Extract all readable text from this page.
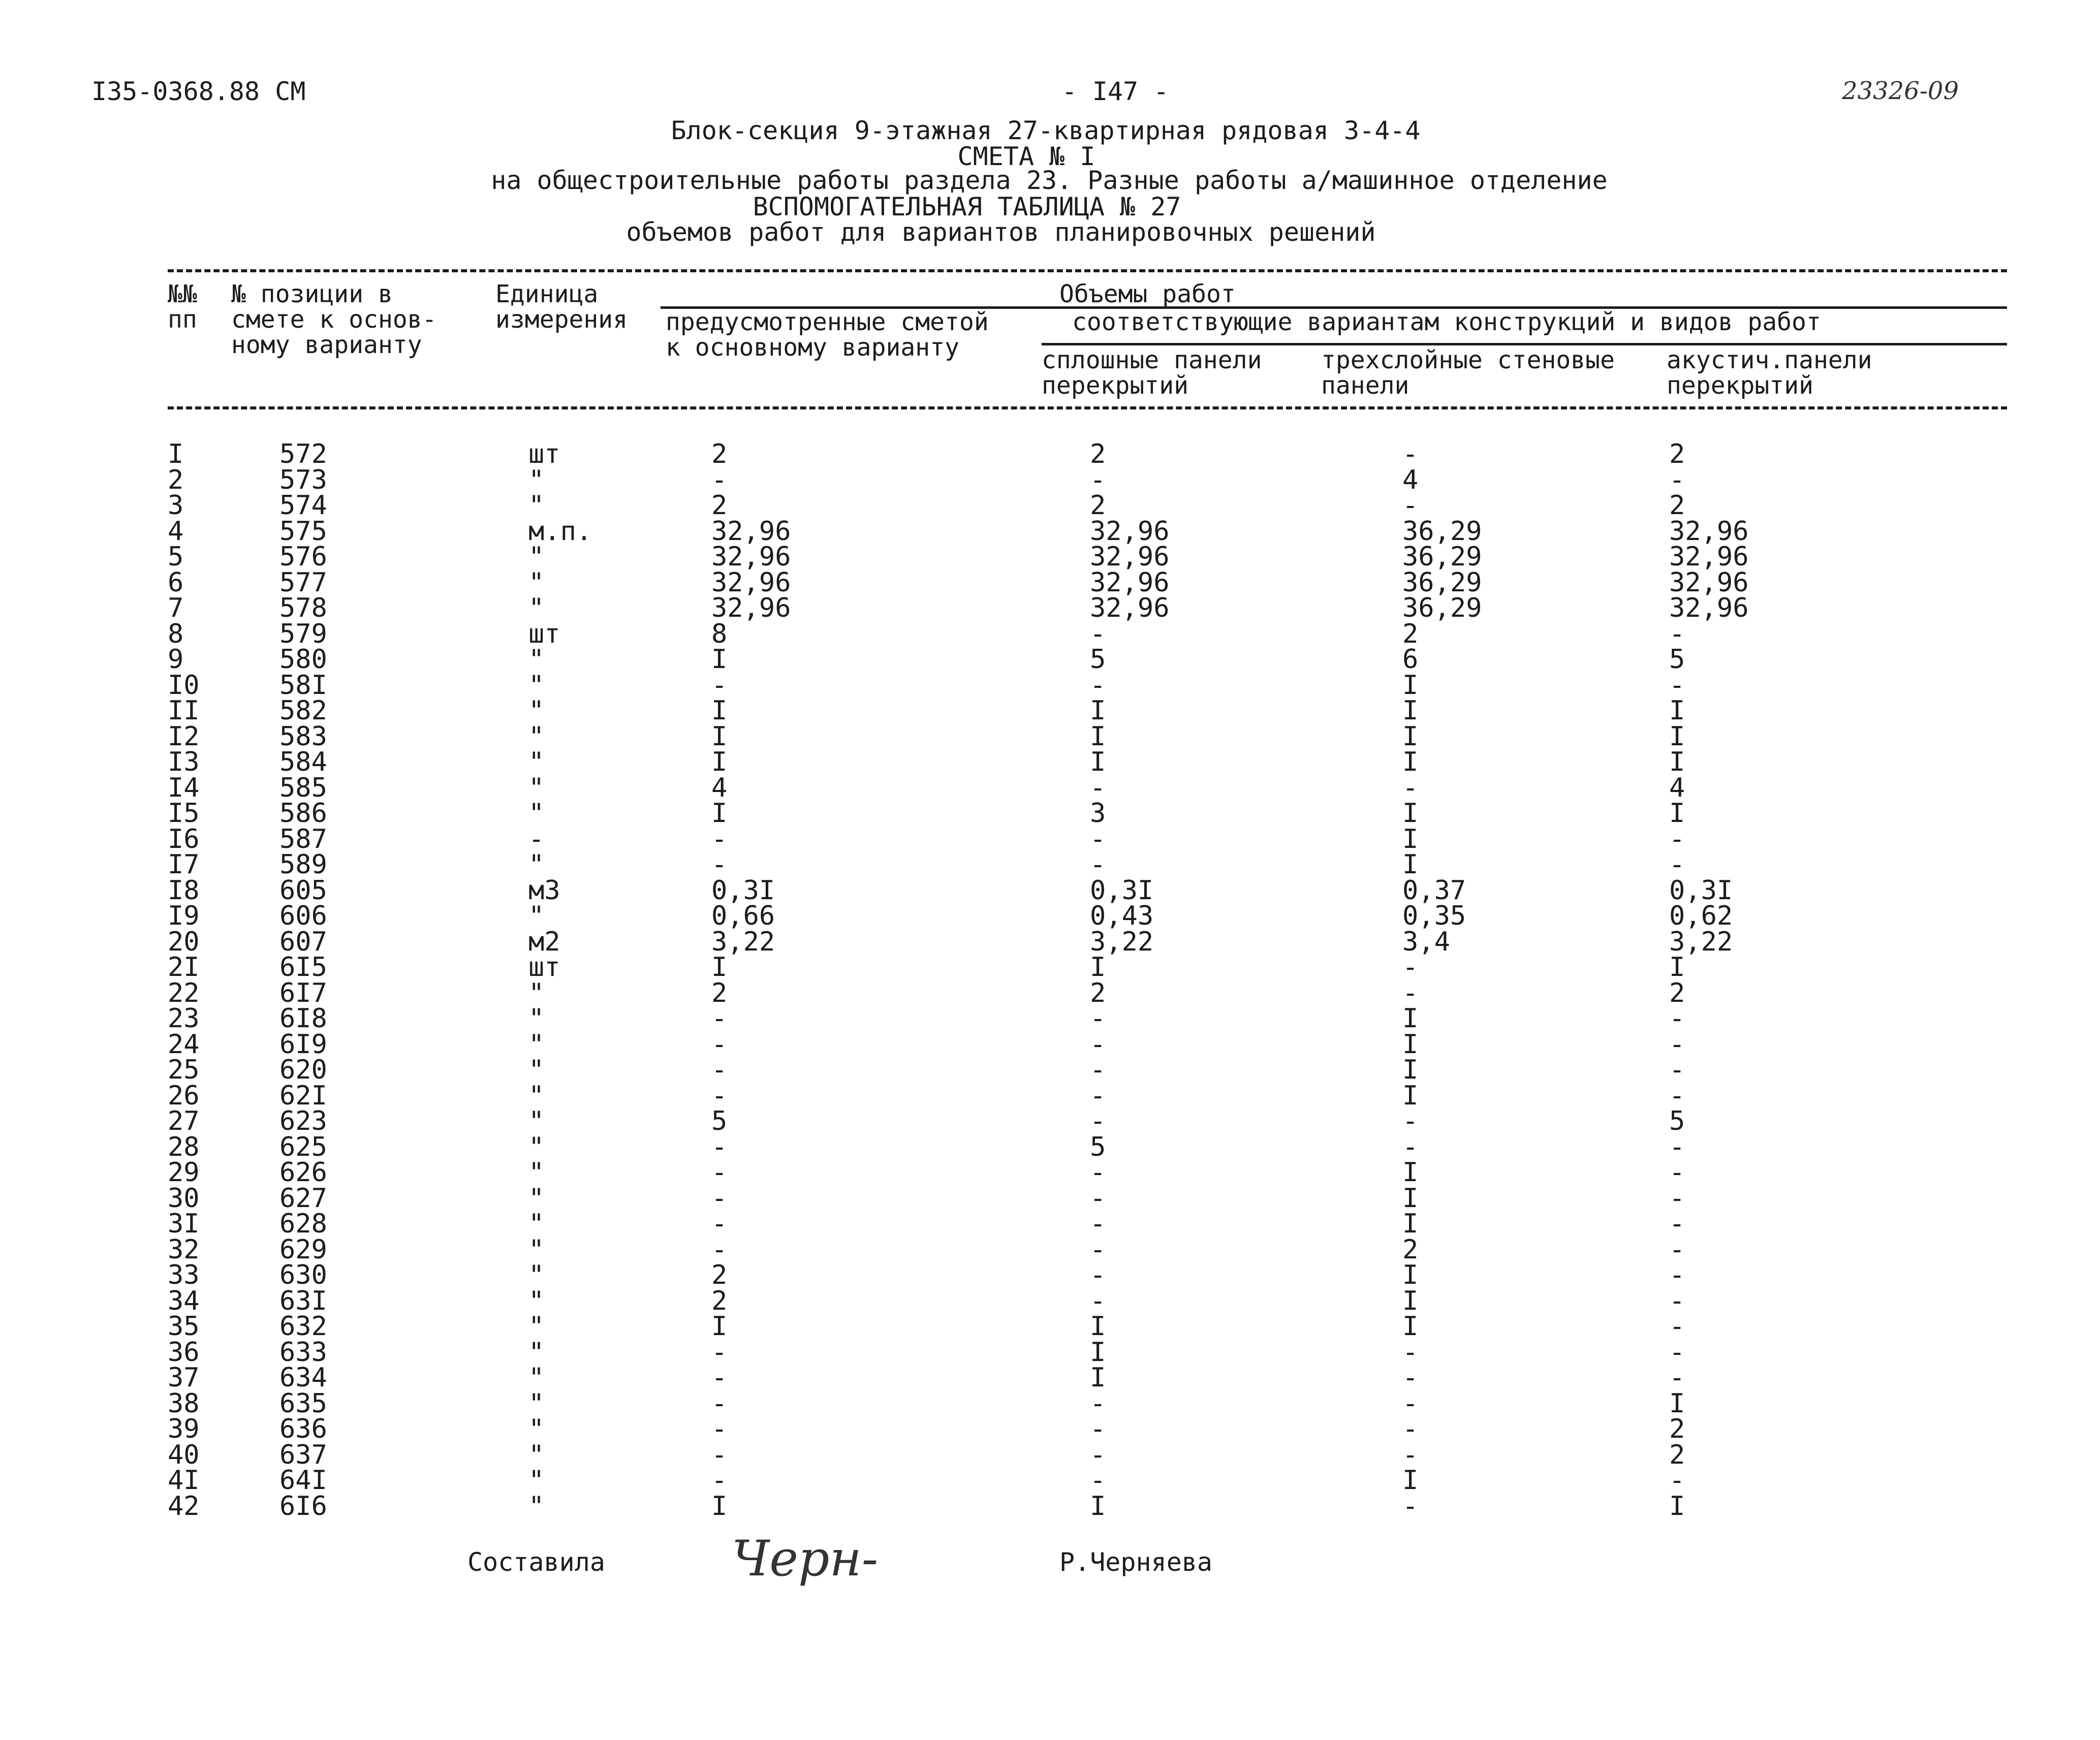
I35-0368.88 СМ	- I47 -	23326-09
Блок-секция 9-этажная 27-квартирная рядовая 3-4-4
СМЕТА № I
на общестроительные работы раздела 23. Разные работы а/машинное отделение
ВСПОМОГАТЕЛЬНАЯ ТАБЛИЦА № 27
объемов работ для вариантов планировочных решений
№№
пп
№ позиции в
смете к основ-
ному варианту
Единица
измерения
Объемы работ
предусмотренные сметой
к основному варианту
соответствующие вариантам конструкций и видов работ
сплошные панели
перекрытий
трехслойные стеновые
панели
акустич.панели
перекрытий
I	572	шт	2	2	-	2
2	573	"	-	-	4	-
3	574	"	2	2	-	2
4	575	м.п.	32,96	32,96	36,29	32,96
5	576	"	32,96	32,96	36,29	32,96
6	577	"	32,96	32,96	36,29	32,96
7	578	"	32,96	32,96	36,29	32,96
8	579	шт	8	-	2	-
9	580	"	I	5	6	5
I0	58I	"	-	-	I	-
II	582	"	I	I	I	I
I2	583	"	I	I	I	I
I3	584	"	I	I	I	I
I4	585	"	4	-	-	4
I5	586	"	I	3	I	I
I6	587	-	-	-	I	-
I7	589	"	-	-	I	-
I8	605	м3	0,3I	0,3I	0,37	0,3I
I9	606	"	0,66	0,43	0,35	0,62
20	607	м2	3,22	3,22	3,4	3,22
2I	6I5	шт	I	I	-	I
22	6I7	"	2	2	-	2
23	6I8	"	-	-	I	-
24	6I9	"	-	-	I	-
25	620	"	-	-	I	-
26	62I	"	-	-	I	-
27	623	"	5	-	-	5
28	625	"	-	5	-	-
29	626	"	-	-	I	-
30	627	"	-	-	I	-
3I	628	"	-	-	I	-
32	629	"	-	-	2	-
33	630	"	2	-	I	-
34	63I	"	2	-	I	-
35	632	"	I	I	I	-
36	633	"	-	I	-	-
37	634	"	-	I	-	-
38	635	"	-	-	-	I
39	636	"	-	-	-	2
40	637	"	-	-	-	2
4I	64I	"	-	-	I	-
42	6I6	"	I	I	-	I
Составила	Черн-	Р.Черняева
